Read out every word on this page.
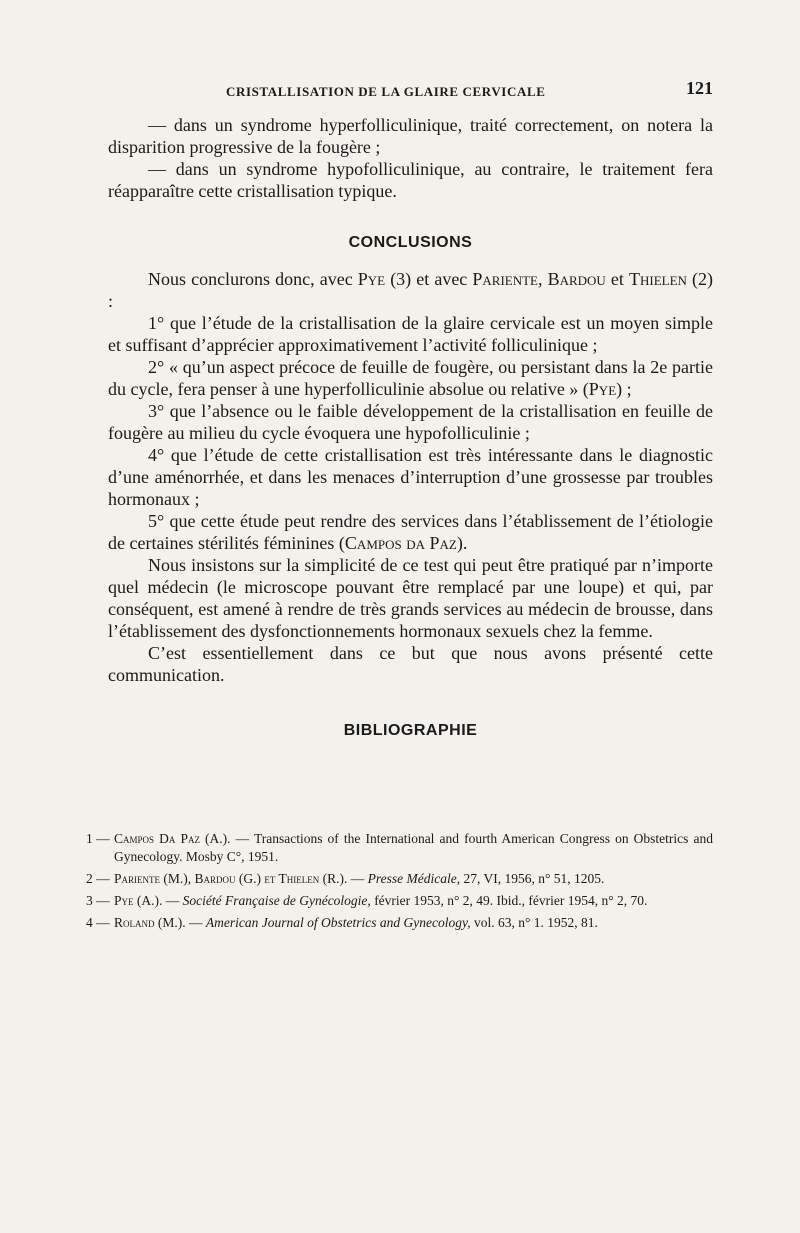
CRISTALLISATION DE LA GLAIRE CERVICALE	121

— dans un syndrome hyperfolliculinique, traité correctement, on notera la disparition progressive de la fougère ;

— dans un syndrome hypofolliculinique, au contraire, le traitement fera réapparaître cette cristallisation typique.

CONCLUSIONS

Nous conclurons donc, avec Pye (3) et avec Pariente, Bardou et Thielen (2) :

1° que l’étude de la cristallisation de la glaire cervicale est un moyen simple et suffisant d’apprécier approximativement l’activité folliculinique ;

2° « qu’un aspect précoce de feuille de fougère, ou persistant dans la 2e partie du cycle, fera penser à une hyperfolliculinie absolue ou relative » (Pye) ;

3° que l’absence ou le faible développement de la cristallisation en feuille de fougère au milieu du cycle évoquera une hypofolliculinie ;

4° que l’étude de cette cristallisation est très intéressante dans le diagnostic d’une aménorrhée, et dans les menaces d’interruption d’une grossesse par troubles hormonaux ;

5° que cette étude peut rendre des services dans l’établissement de l’étiologie de certaines stérilités féminines (Campos da Paz).

Nous insistons sur la simplicité de ce test qui peut être pratiqué par n’importe quel médecin (le microscope pouvant être remplacé par une loupe) et qui, par conséquent, est amené à rendre de très grands services au médecin de brousse, dans l’établissement des dysfonctionnements hormonaux sexuels chez la femme.

C’est essentiellement dans ce but que nous avons présenté cette communication.

BIBLIOGRAPHIE

1 — Campos Da Paz (A.). — Transactions of the International and fourth American Congress on Obstetrics and Gynecology. Mosby C°, 1951.

2 — Pariente (M.), Bardou (G.) et Thielen (R.). — Presse Médicale, 27, VI, 1956, n° 51, 1205.

3 — Pye (A.). — Société Française de Gynécologie, février 1953, n° 2, 49. Ibid., février 1954, n° 2, 70.

4 — Roland (M.). — American Journal of Obstetrics and Gynecology, vol. 63, n° 1. 1952, 81.
